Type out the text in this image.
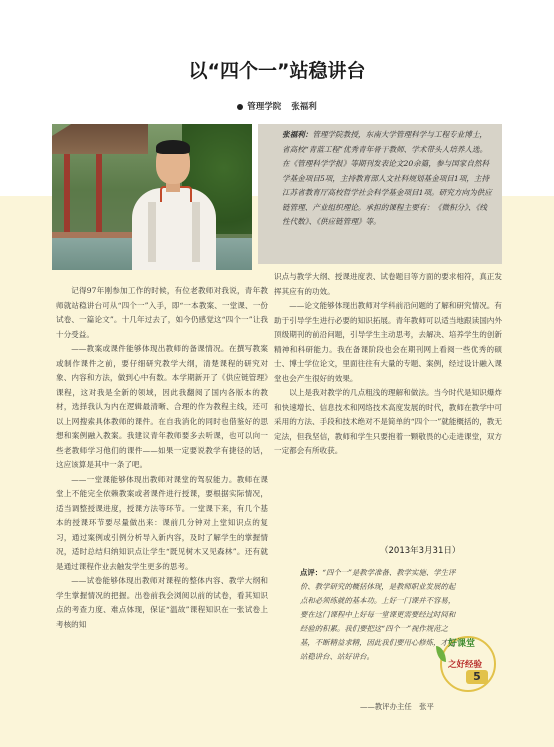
以“四个一”站稳讲台
管理学院 张福利
张福利：管理学院教授，东南大学管理科学与工程专业博士，省高校“青蓝工程”优秀青年骨干教师、学术带头人培养人选。在《管理科学学报》等期刊发表论文20余篇，参与国家自然科学基金项目5项，主持教育部人文社科规划基金项目1项，主持江苏省教育厅高校哲学社会科学基金项目1项。研究方向为供应链管理、产业组织理论。承担的课程主要有：《微积分》、《线性代数》、《供应链管理》等。

记得97年刚参加工作的时候，有位老教师对我说，青年教师就站稳讲台可从“四个一”入手，即“一本教案、一堂课、一份试卷、一篇论文”。十几年过去了，如今仍感觉这“四个一”让我十分受益。

——教案或课件能够体现出教师的备课情况。在撰写教案或制作课件之前，要仔细研究教学大纲，清楚课程的研究对象、内容和方法，做到心中有数。本学期新开了《供应链管理》课程，这对我是全新的领域，因此我翻阅了国内各版本的教材，选择我认为内在逻辑最清晰、合理的作为教程主线，还可以上网搜索具体教师的课件。在自我消化的同时也借鉴好的思想和案例融入教案。我建议青年教师要多去听课，也可以向一些老教师学习他们的课件——如果一定要说教学有捷径的话，这应该算是其中一条了吧。

——一堂课能够体现出教师对课堂的驾驭能力。教师在课堂上不能完全依赖教案或者课件进行授课，要根据实际情况，适当调整授课进度，授课方法等环节。一堂课下来，有几个基本的授课环节要尽量做出来：课前几分钟对上堂知识点的复习，通过案例或引例分析导入新内容，及时了解学生的掌握情况，适时总结归纳知识点让学生“既见树木又见森林”。还有就是通过课程作业去触发学生更多的思考。

——试卷能够体现出教师对课程的整体内容、教学大纲和学生掌握情况的把握。出卷前我会浏阅以前的试卷，看其知识点的考查力度、难点体现，保证“温故”课程知识在一张试卷上考核的知

识点与教学大纲、授课进度表、试卷题目等方面的要求相符，真正发挥其应有的功效。

——论文能够体现出教师对学科前沿问题的了解和研究情况。有助于引导学生进行必要的知识拓展。青年教师可以适当地跟读国内外顶级期刊的前沿问题，引导学生主动思考，去解决、培养学生的创新精神和科研能力。我在备课阶段也会在期刊网上看阅一些优秀的硕士、博士学位论文，里面往往有大量的专题、案例，经过设计融入课堂也会产生很好的效果。

以上是我对教学的几点粗浅的理解和做法。当今时代是知识爆炸和快速增长、信息技术和网络技术高度发展的时代，教师在教学中可采用的方法、手段和技术绝对不是简单的“四个一”就能概括的，教无定法，但我坚信，教师和学生只要抱着一颗敬畏的心走进课堂，双方一定都会有所收获。

（2013年3月31日）
点评：“四个一”是教学准备、教学实施、学生评价、教学研究的概括体现，是教师职业发展的起点和必须练就的基本功。上好一门课并不容易，要在这门课程中上好每一堂课更需要经过时间和经验的积累。我们要把这“四个一”视作规范之基，不断精益求精，因此我们要用心修炼，才能站稳讲台、站好讲台。
——教评办主任　张平
好课堂
之好经验
5
